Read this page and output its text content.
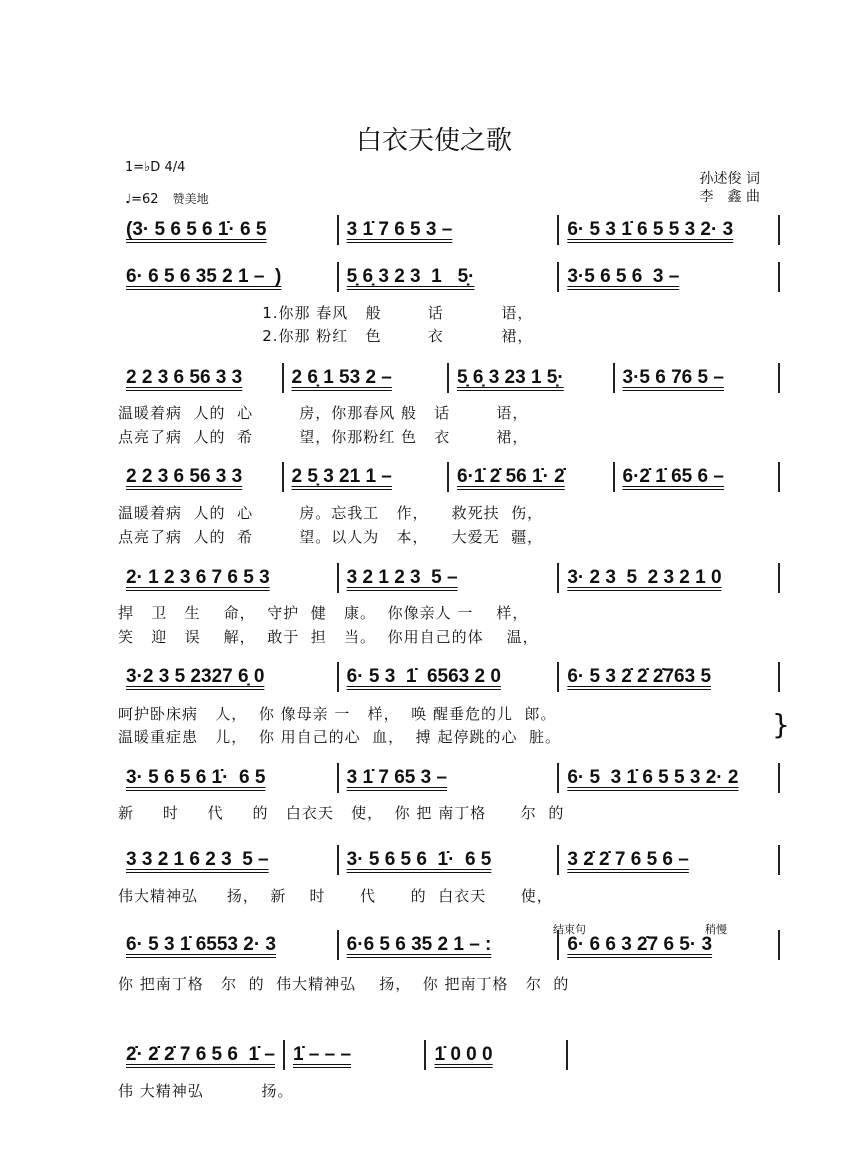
白衣天使之歌
1=♭D 4/4
♩=62 赞美地
孙述俊 词
李　鑫 曲
结束句	稍慢
}
(3· 5 6 5 6 1̇· 6 5	3 1̇ 7 6 5 3 –	6· 5 3 1̇ 6 5 5 3 2· 3
6· 6 5 6 35 2 1 –  )	5̣ 6̣ 3 2 3  1   5̣·	3·5 6 5 6  3 –
1.你那 春风   般        话          语，
2.你那 粉红   色        衣          裙，
2 2 3 6 56 3 3	2 6̣ 1 53 2 –	5̣ 6̣ 3 23 1 5̣·	3·5 6 76 5 –
温暖着病  人的  心        房，你那春风 般   话        语，
点亮了病  人的  希        望，你那粉红 色   衣        裙，
2 2 3 6 56 3 3	2 5̣ 3 21 1 –	6·1̇ 2̇ 56 1̇· 2̇	6·2̇ 1̇ 65 6 –
温暖着病  人的  心        房。忘我工   作，    救死扶  伤，
点亮了病  人的  希        望。以人为   本，    大爱无  疆，
2· 1 2 3 6 7 6 5 3	3 2 1 2 3  5 –	3· 2 3  5  2 3 2 1 0
捍   卫   生    命，  守护  健   康。  你像亲人 一    样，
笑   迎   误    解，  敢于  担   当。  你用自己的体    温，
3·2 3 5 2327 6̣ 0	6· 5 3  1̇  6563 2 0	6· 5 3 2̇ 2̇ 2̇763 5
呵护卧床病   人，  你 像母亲 一   样，  唤 醒垂危的儿  郎。
温暖重症患   儿，  你 用自己的心  血，  搏 起停跳的心  脏。
3· 5 6 5 6 1̇·  6 5	3 1̇ 7 65 3 –	6· 5  3 1̇ 6 5 5 3 2· 2
新     时     代     的   白衣天   使，  你 把 南丁格      尔  的
3 3 2 1 6 2 3  5 –	3· 5 6 5 6  1̇·  6 5	3 2̇ 2̇ 7 6 5 6 –
伟大精神弘     扬，  新    时      代      的  白衣天      使，
6· 5 3 1̇ 6553 2· 3	6·6 5 6 35 2 1 – :	6· 6 6 3 2̇7 6 5· 3
你 把南丁格   尔  的  伟大精神弘    扬，  你 把南丁格   尔  的
2̇· 2̇ 2̇ 7 6 5 6  1̇ – 1̇ – – –	1̇ 0 0 0
伟 大精神弘          扬。
